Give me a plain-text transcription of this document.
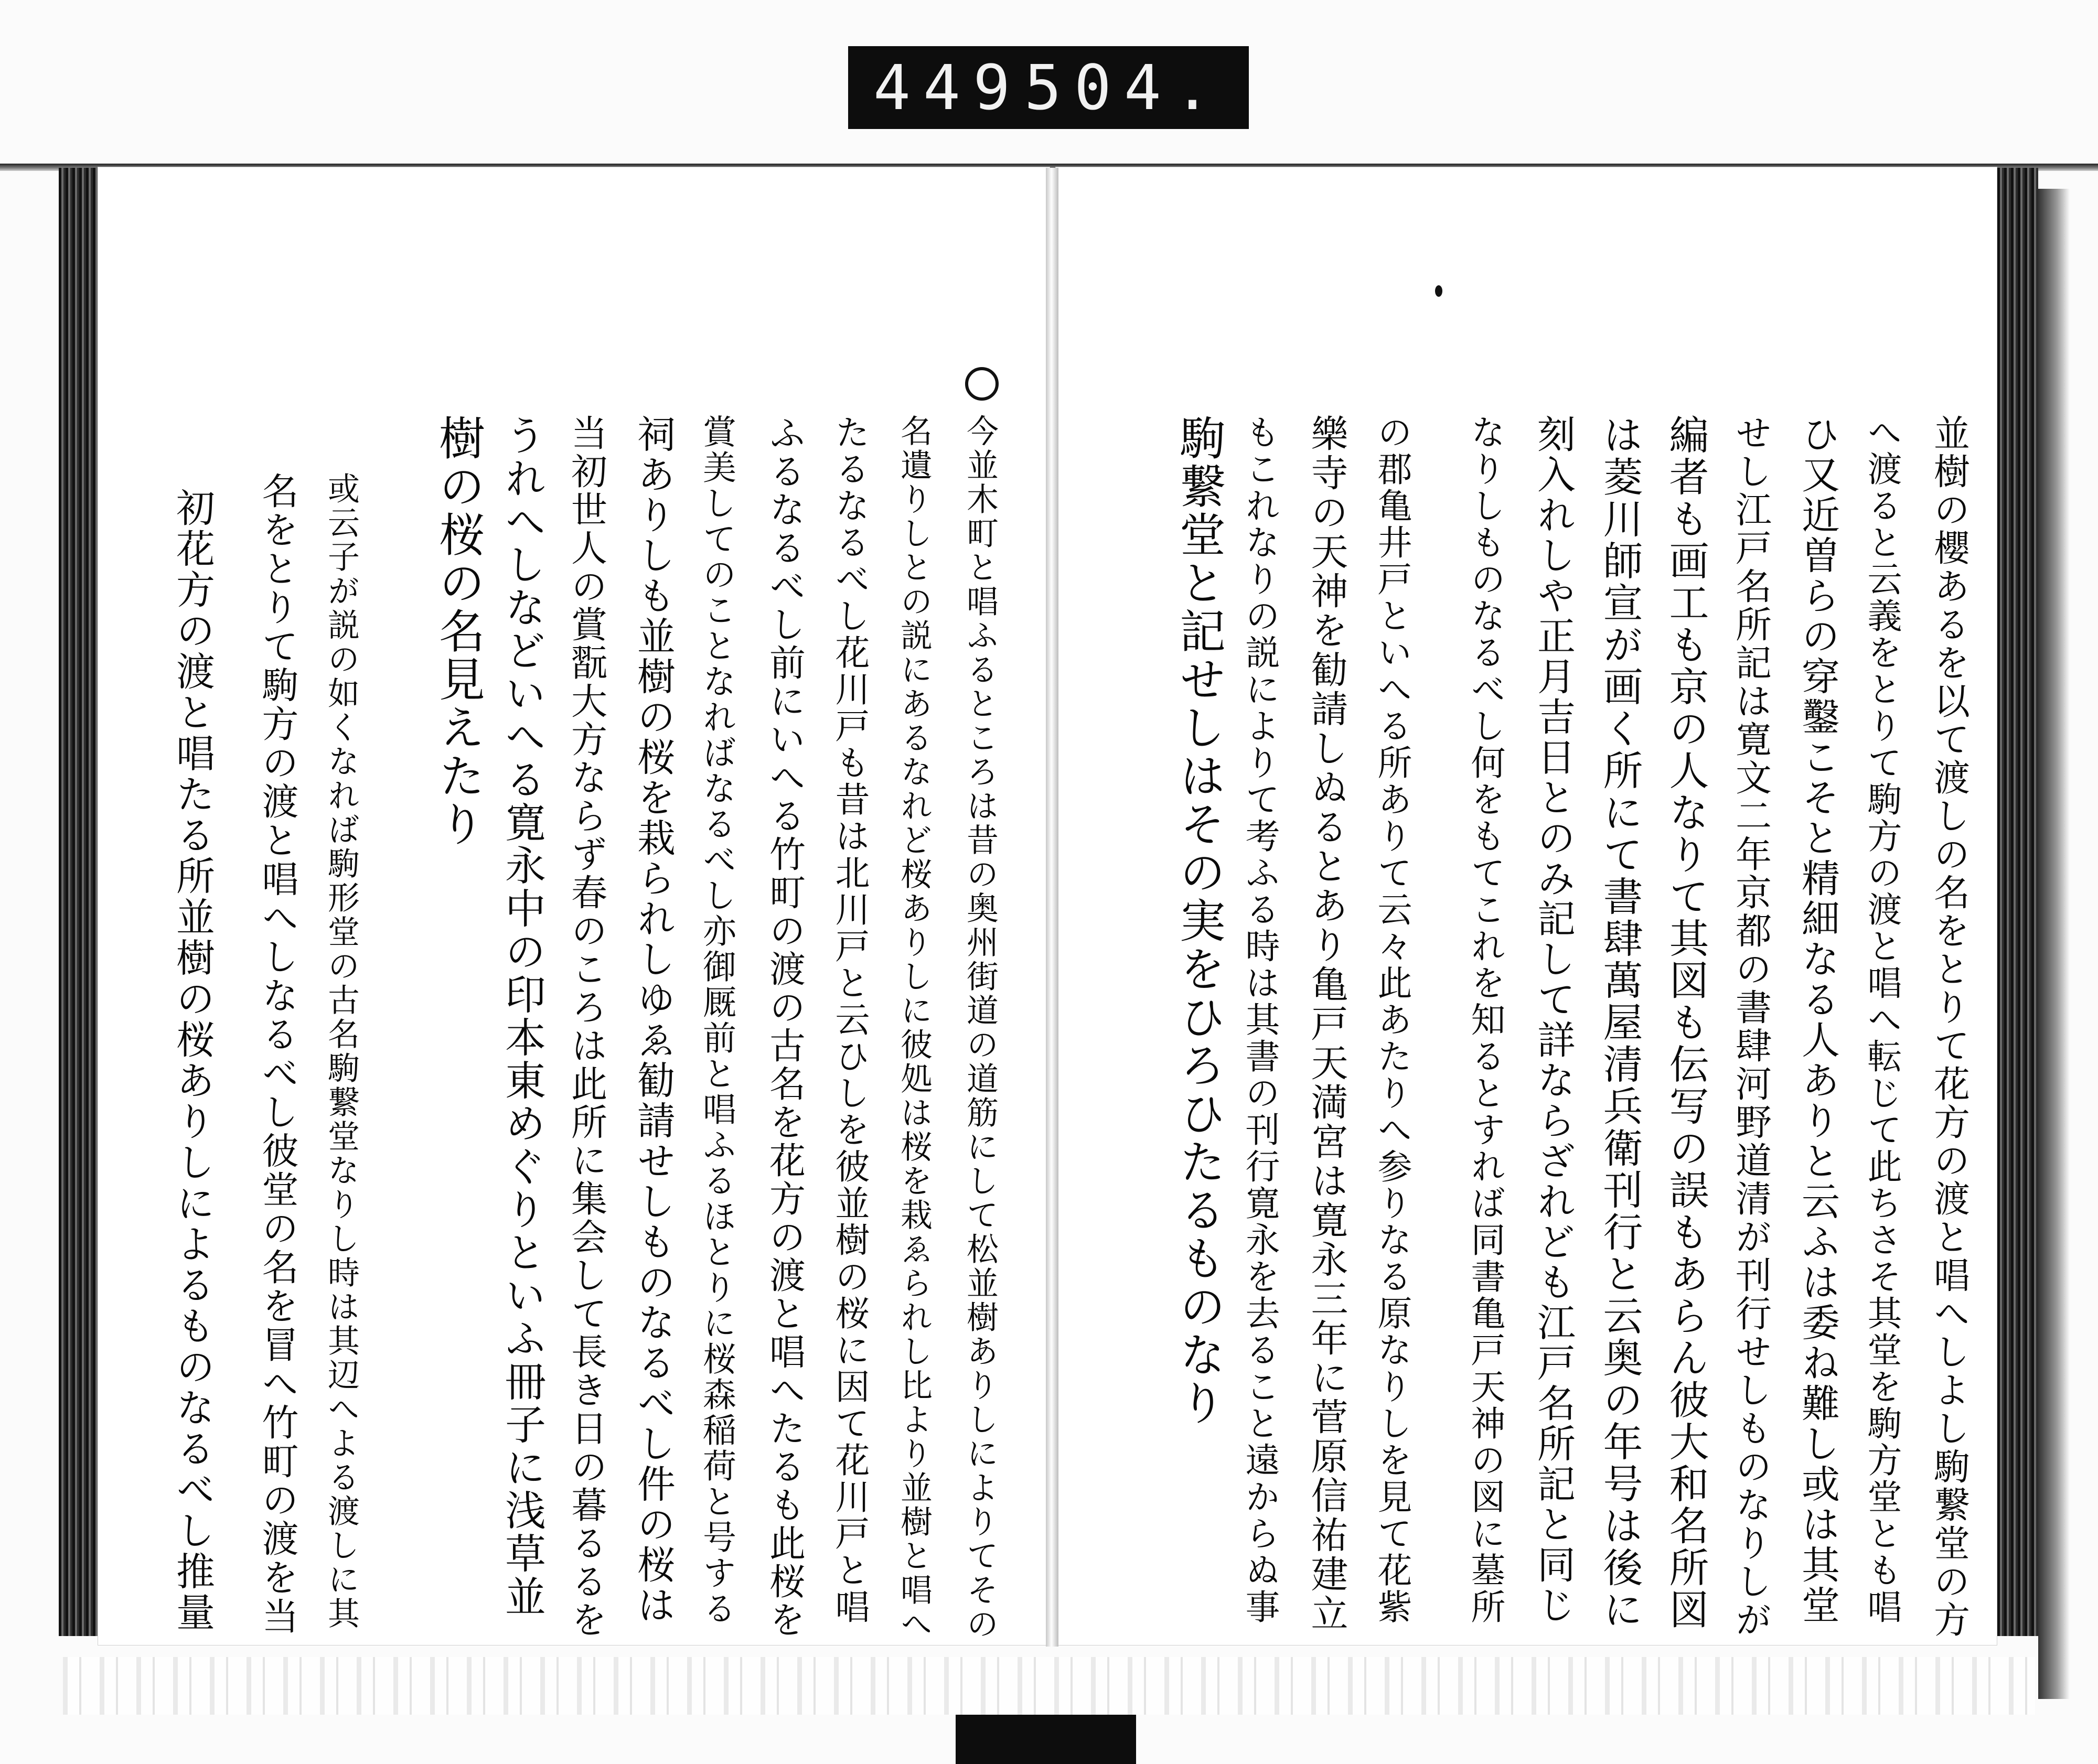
449 504.
並樹の櫻あるを以て渡しの名をとりて花方の渡と唱へしよし駒繋堂の方
へ渡ると云義をとりて駒方の渡と唱へ転じて此ちさそ其堂を駒方堂とも唱
ひ又近曽らの穿鑿こそと精細なる人ありと云ふは委ね難し或は其堂
せし江戸名所記は寛文二年京都の書肆河野道清が刊行せしものなりしが
編者も画工も京の人なりて其図も伝写の誤もあらん彼大和名所図
は菱川師宣が画く所にて書肆萬屋清兵衛刊行と云奥の年号は後に
刻入れしや正月吉日とのみ記して詳ならざれども江戸名所記と同じ
なりしものなるべし何をもてこれを知るとすれば同書亀戸天神の図に墓所
の郡亀井戸といへる所ありて云々此あたりへ参りなる原なりしを見て花紫
樂寺の天神を勧請しぬるとあり亀戸天満宮は寛永三年に菅原信祐建立
もこれなりの説によりて考ふる時は其書の刊行寛永を去ること遠からぬ事
駒繋堂と記せしはその実をひろひたるものなり
今並木町と唱ふるところは昔の奥州街道の道筋にして松並樹ありしによりてその
名遺りしとの説にあるなれど桜ありしに彼処は桜を栽ゑられし比より並樹と唱へ
たるなるべし花川戸も昔は北川戸と云ひしを彼並樹の桜に因て花川戸と唱
ふるなるべし前にいへる竹町の渡の古名を花方の渡と唱へたるも此桜を
賞美してのことなればなるべし亦御厩前と唱ふるほとりに桜森稲荷と号する
祠ありしも並樹の桜を栽られしゆゑ勧請せしものなるべし件の桜は
当初世人の賞翫大方ならず春のころは此所に集会して長き日の暮るるを
うれへしなどいへる寛永中の印本東めぐりといふ冊子に浅草並
樹の桜の名見えたり
或云子が説の如くなれば駒形堂の古名駒繋堂なりし時は其辺へよる渡しに其
名をとりて駒方の渡と唱へしなるべし彼堂の名を冒へ竹町の渡を当
初花方の渡と唱たる所並樹の桜ありしによるものなるべし推量
